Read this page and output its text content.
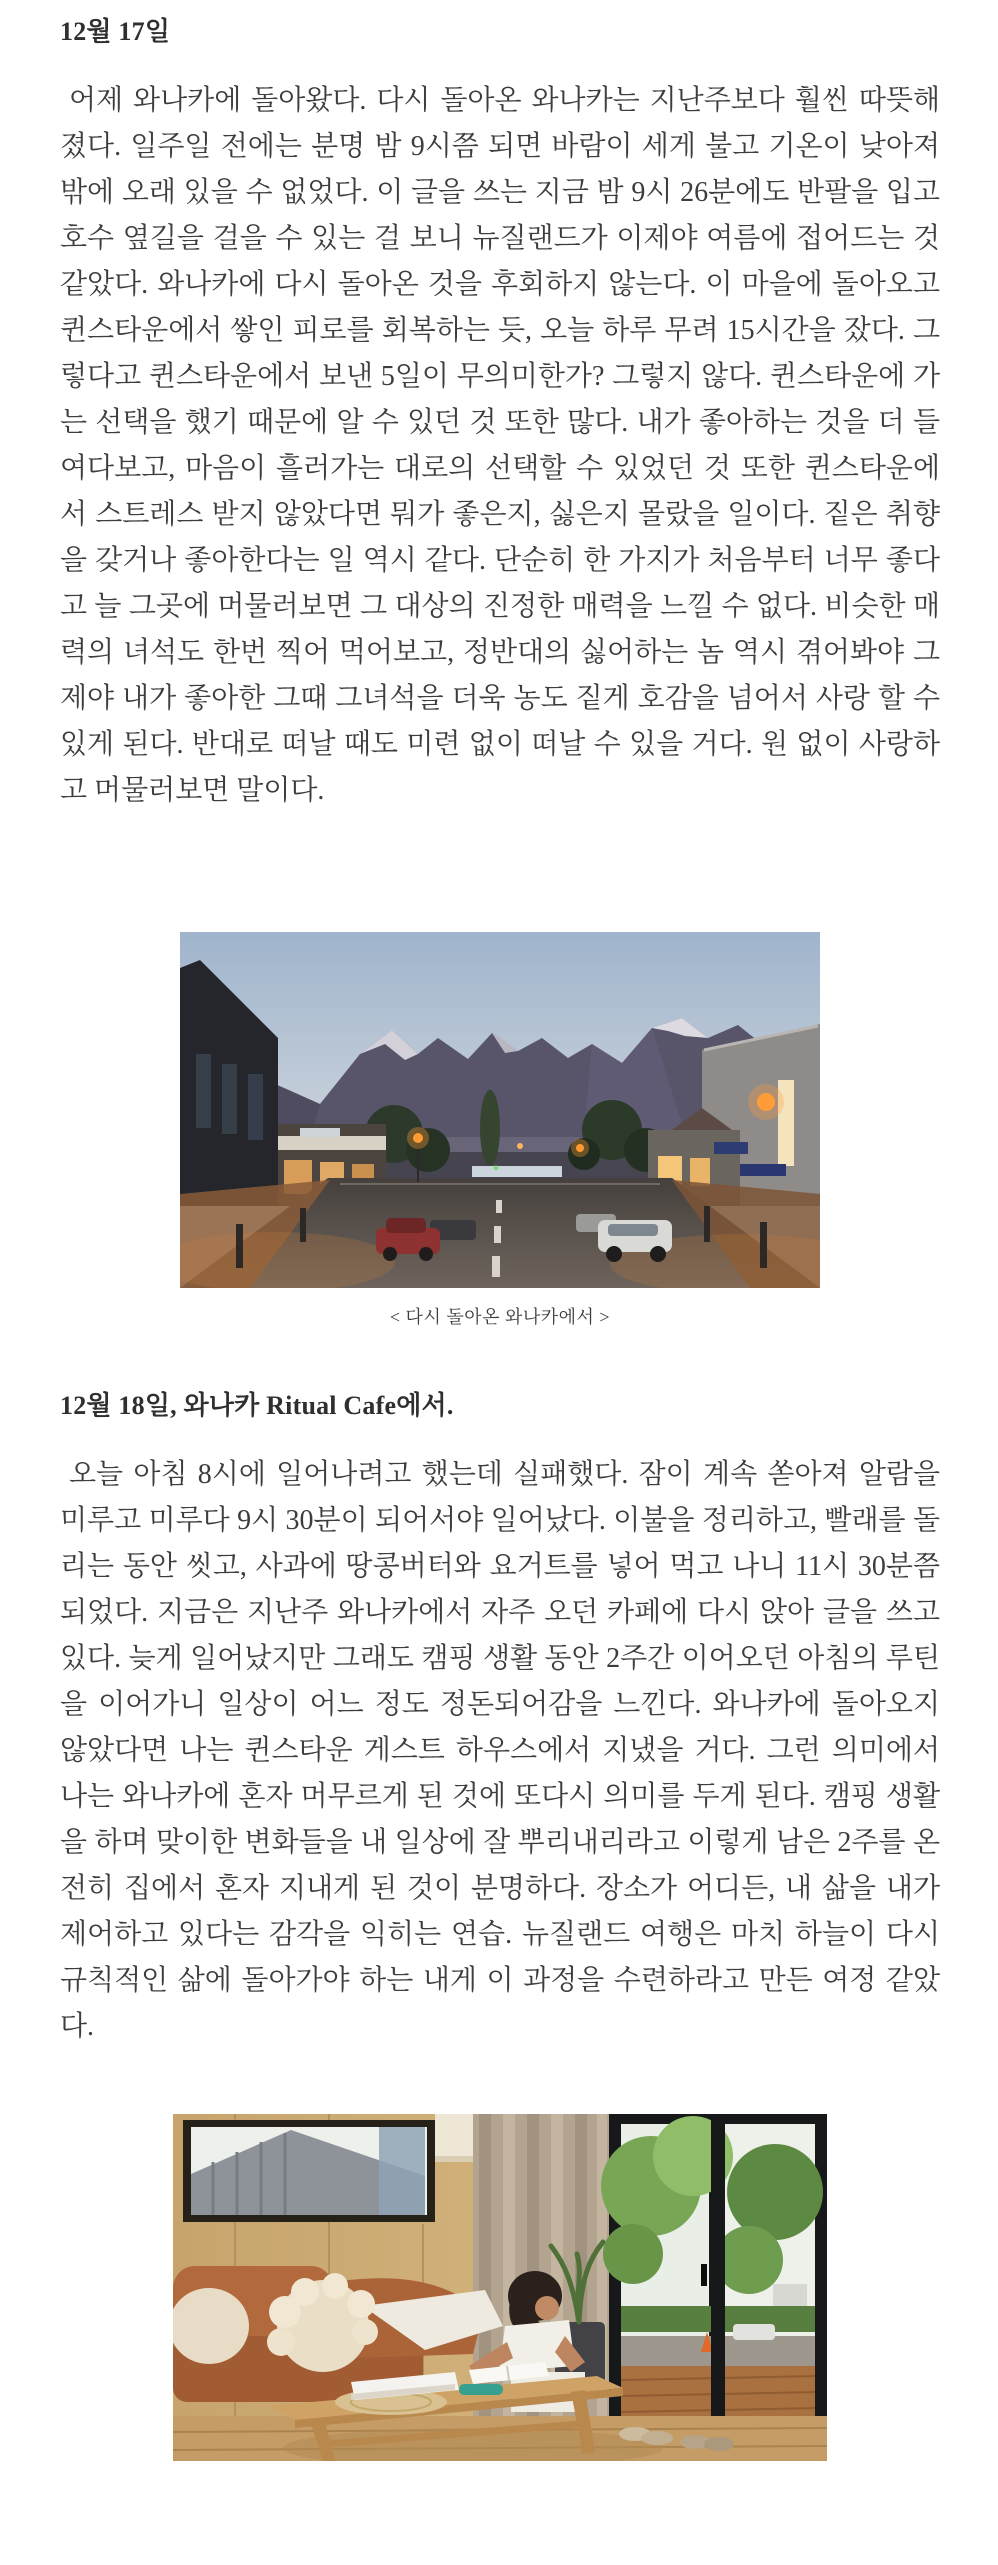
12월 17일

어제 와나카에 돌아왔다. 다시 돌아온 와나카는 지난주보다 훨씬 따뜻해졌다. 일주일 전에는 분명 밤 9시쯤 되면 바람이 세게 불고 기온이 낮아져 밖에 오래 있을 수 없었다. 이 글을 쓰는 지금 밤 9시 26분에도 반팔을 입고 호수 옆길을 걸을 수 있는 걸 보니 뉴질랜드가 이제야 여름에 접어드는 것 같았다. 와나카에 다시 돌아온 것을 후회하지 않는다. 이 마을에 돌아오고 퀸스타운에서 쌓인 피로를 회복하는 듯, 오늘 하루 무려 15시간을 잤다. 그렇다고 퀸스타운에서 보낸 5일이 무의미한가? 그렇지 않다. 퀸스타운에 가는 선택을 했기 때문에 알 수 있던 것 또한 많다. 내가 좋아하는 것을 더 들여다보고, 마음이 흘러가는 대로의 선택할 수 있었던 것 또한 퀸스타운에서 스트레스 받지 않았다면 뭐가 좋은지, 싫은지 몰랐을 일이다. 짙은 취향을 갖거나 좋아한다는 일 역시 같다. 단순히 한 가지가 처음부터 너무 좋다고 늘 그곳에 머물러보면 그 대상의 진정한 매력을 느낄 수 없다. 비슷한 매력의 녀석도 한번 찍어 먹어보고, 정반대의 싫어하는 놈 역시 겪어봐야 그제야 내가 좋아한 그때 그녀석을 더욱 농도 짙게 호감을 넘어서 사랑 할 수 있게 된다. 반대로 떠날 때도 미련 없이 떠날 수 있을 거다. 원 없이 사랑하고 머물러보면 말이다.

< 다시 돌아온 와나카에서 >
12월 18일, 와나카 Ritual Cafe에서.

오늘 아침 8시에 일어나려고 했는데 실패했다. 잠이 계속 쏟아져 알람을 미루고 미루다 9시 30분이 되어서야 일어났다. 이불을 정리하고, 빨래를 돌리는 동안 씻고, 사과에 땅콩버터와 요거트를 넣어 먹고 나니 11시 30분쯤 되었다. 지금은 지난주 와나카에서 자주 오던 카페에 다시 앉아 글을 쓰고 있다. 늦게 일어났지만 그래도 캠핑 생활 동안 2주간 이어오던 아침의 루틴을 이어가니 일상이 어느 정도 정돈되어감을 느낀다. 와나카에 돌아오지 않았다면 나는 퀸스타운 게스트 하우스에서 지냈을 거다. 그런 의미에서 나는 와나카에 혼자 머무르게 된 것에 또다시 의미를 두게 된다. 캠핑 생활을 하며 맞이한 변화들을 내 일상에 잘 뿌리내리라고 이렇게 남은 2주를 온전히 집에서 혼자 지내게 된 것이 분명하다. 장소가 어디든, 내 삶을 내가 제어하고 있다는 감각을 익히는 연습. 뉴질랜드 여행은 마치 하늘이 다시 규칙적인 삶에 돌아가야 하는 내게 이 과정을 수련하라고 만든 여정 같았다.
